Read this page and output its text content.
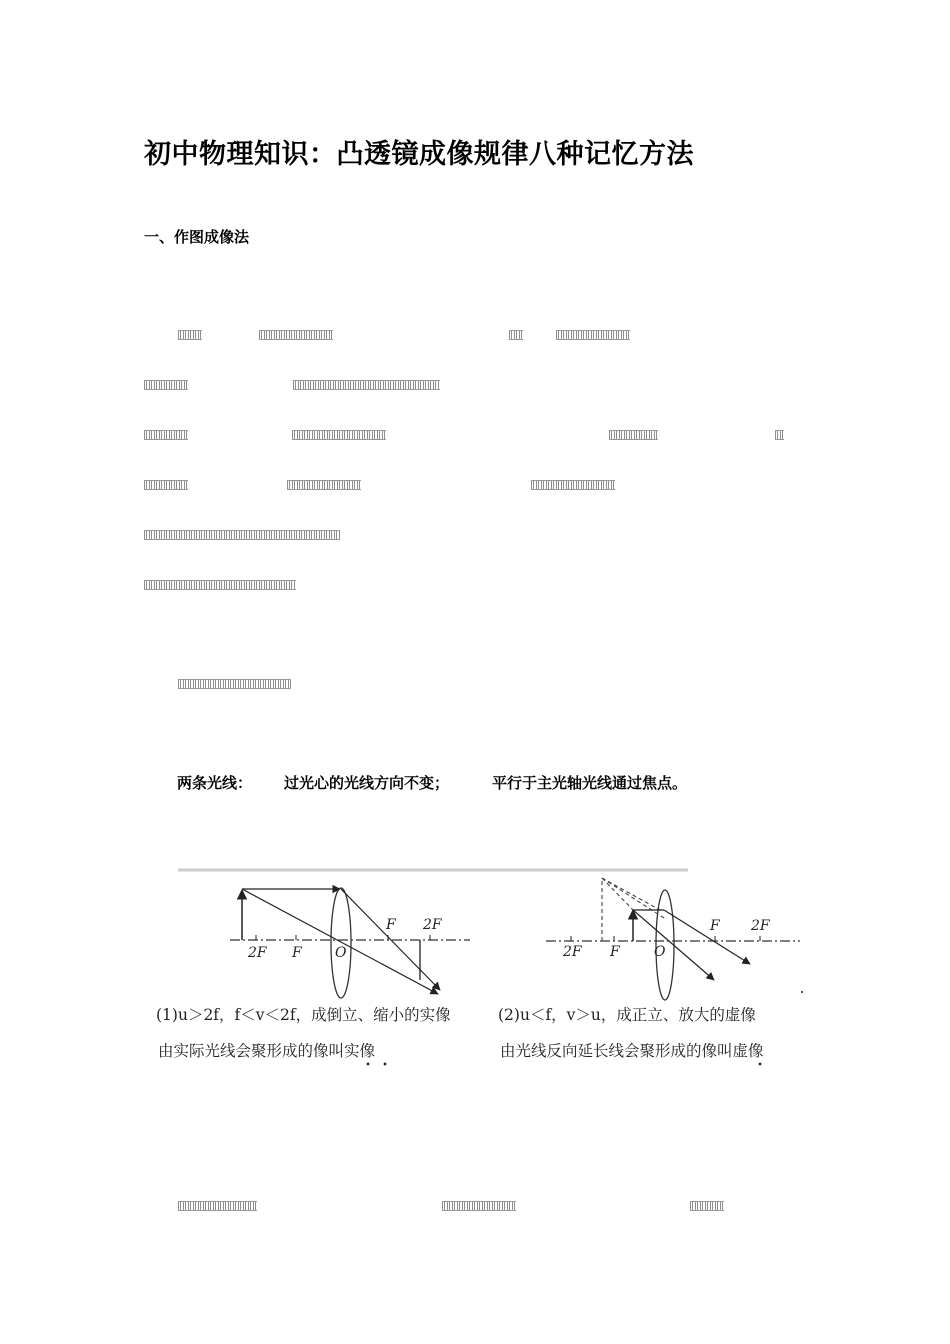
初中物理知识：凸透镜成像规律八种记忆方法
一、作图成像法
两条光线： 过光心的光线方向不变；	平行于主光轴光线通过焦点。
2F F O
F 2F
(1)u＞2f，f＜v＜2f，成倒立、缩小的实像
由实际光线会聚形成的像叫实像
2F F O
F 2F
(2)u＜f，v＞u，成正立、放大的虚像
由光线反向延长线会聚形成的像叫虚像
